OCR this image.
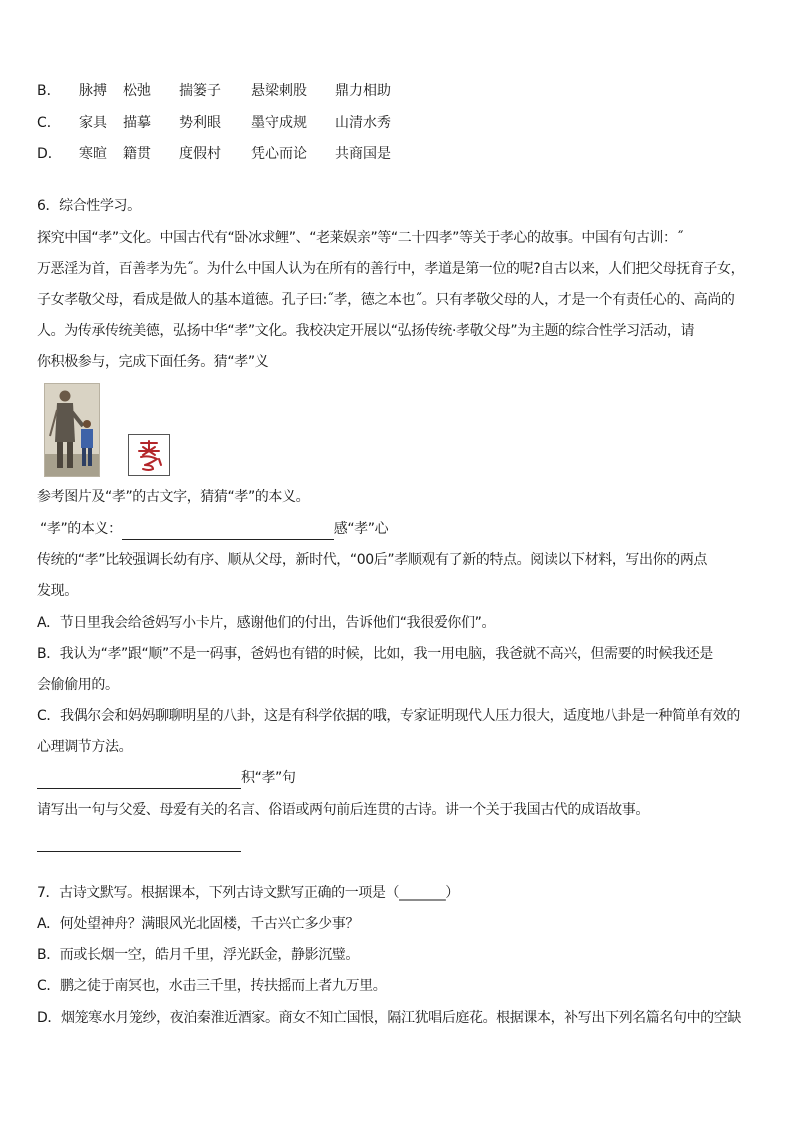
B．	脉搏	松弛	揣篓子	悬梁刺股	鼎力相助
C．	家具	描摹	势利眼	墨守成规	山清水秀
D．	寒暄	籍贯	度假村	凭心而论	共商国是
6．综合性学习。
探究中国“孝”文化。中国古代有“卧冰求鲤”、“老莱娱亲”等“二十四孝”等关于孝心的故事。中国有句古训：˝
万恶淫为首，百善孝为先˝。为什么中国人认为在所有的善行中，孝道是第一位的呢?自古以来，人们把父母抚育子女，
子女孝敬父母，看成是做人的基本道德。孔子曰:˝孝，德之本也˝。只有孝敬父母的人，才是一个有责任心的、高尚的
人。为传承传统美德，弘扬中华“孝”文化。我校决定开展以“弘扬传统·孝敬父母”为主题的综合性学习活动，请
你积极参与，完成下面任务。猜“孝”义
参考图片及“孝”的古文字，猜猜“孝”的本义。
“孝”的本义：	感“孝”心
传统的“孝”比较强调长幼有序、顺从父母，新时代，“00后”孝顺观有了新的特点。阅读以下材料，写出你的两点
发现。
A．节日里我会给爸妈写小卡片，感谢他们的付出，告诉他们“我很爱你们”。
B．我认为“孝”跟“顺”不是一码事，爸妈也有错的时候，比如，我一用电脑，我爸就不高兴，但需要的时候我还是
会偷偷用的。
C．我偶尔会和妈妈聊聊明星的八卦，这是有科学依据的哦，专家证明现代人压力很大，适度地八卦是一种简单有效的
心理调节方法。
积“孝”句
请写出一句与父爱、母爱有关的名言、俗语或两句前后连贯的古诗。讲一个关于我国古代的成语故事。
7．古诗文默写。根据课本，下列古诗文默写正确的一项是（_______）
A．何处望神舟？满眼风光北固楼，千古兴亡多少事？
B．而或长烟一空，皓月千里，浮光跃金，静影沉璧。
C．鹏之徒于南冥也，水击三千里，抟扶摇而上者九万里。
D．烟笼寒水月笼纱，夜泊秦淮近酒家。商女不知亡国恨，隔江犹唱后庭花。根据课本，补写出下列名篇名句中的空缺
